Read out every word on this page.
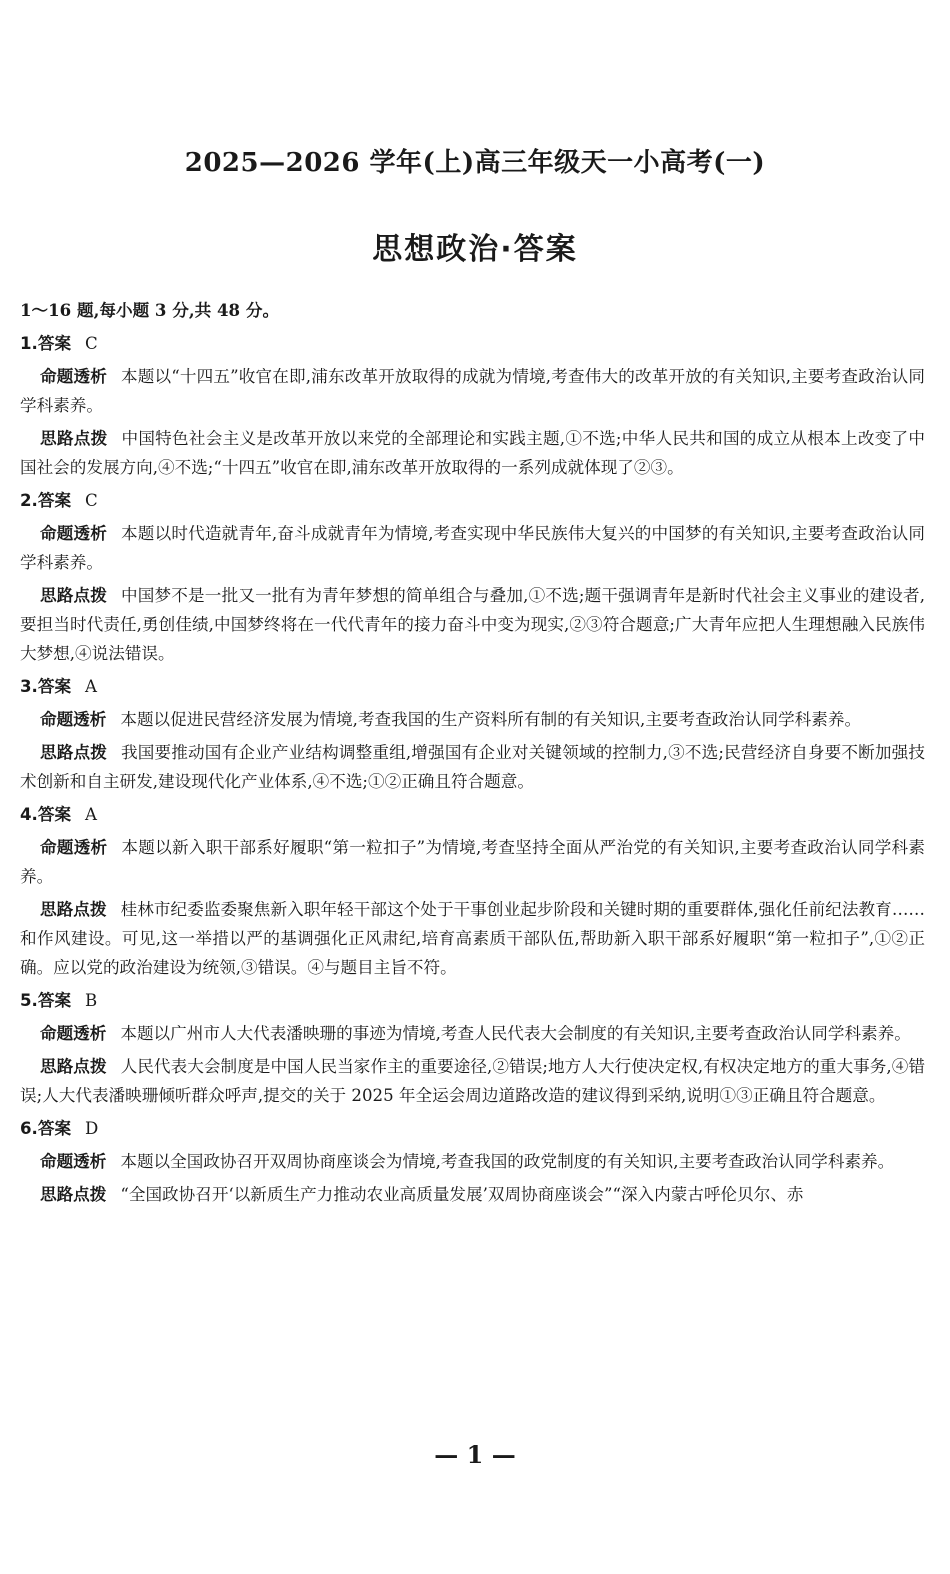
2025—2026 学年(上)高三年级天一小高考(一)
思想政治·答案
1～16 题,每小题 3 分,共 48 分。
1.答案 C

命题透析 本题以“十四五”收官在即,浦东改革开放取得的成就为情境,考查伟大的改革开放的有关知识,主要考查政治认同学科素养。

思路点拨 中国特色社会主义是改革开放以来党的全部理论和实践主题,①不选;中华人民共和国的成立从根本上改变了中国社会的发展方向,④不选;“十四五”收官在即,浦东改革开放取得的一系列成就体现了②③。

2.答案 C

命题透析 本题以时代造就青年,奋斗成就青年为情境,考查实现中华民族伟大复兴的中国梦的有关知识,主要考查政治认同学科素养。

思路点拨 中国梦不是一批又一批有为青年梦想的简单组合与叠加,①不选;题干强调青年是新时代社会主义事业的建设者,要担当时代责任,勇创佳绩,中国梦终将在一代代青年的接力奋斗中变为现实,②③符合题意;广大青年应把人生理想融入民族伟大梦想,④说法错误。

3.答案 A

命题透析 本题以促进民营经济发展为情境,考查我国的生产资料所有制的有关知识,主要考查政治认同学科素养。

思路点拨 我国要推动国有企业产业结构调整重组,增强国有企业对关键领域的控制力,③不选;民营经济自身要不断加强技术创新和自主研发,建设现代化产业体系,④不选;①②正确且符合题意。

4.答案 A

命题透析 本题以新入职干部系好履职“第一粒扣子”为情境,考查坚持全面从严治党的有关知识,主要考查政治认同学科素养。

思路点拨 桂林市纪委监委聚焦新入职年轻干部这个处于干事创业起步阶段和关键时期的重要群体,强化任前纪法教育……和作风建设。可见,这一举措以严的基调强化正风肃纪,培育高素质干部队伍,帮助新入职干部系好履职“第一粒扣子”,①②正确。应以党的政治建设为统领,③错误。④与题目主旨不符。

5.答案 B

命题透析 本题以广州市人大代表潘映珊的事迹为情境,考查人民代表大会制度的有关知识,主要考查政治认同学科素养。

思路点拨 人民代表大会制度是中国人民当家作主的重要途径,②错误;地方人大行使决定权,有权决定地方的重大事务,④错误;人大代表潘映珊倾听群众呼声,提交的关于 2025 年全运会周边道路改造的建议得到采纳,说明①③正确且符合题意。

6.答案 D

命题透析 本题以全国政协召开双周协商座谈会为情境,考查我国的政党制度的有关知识,主要考查政治认同学科素养。

思路点拨 “全国政协召开‘以新质生产力推动农业高质量发展’双周协商座谈会”“深入内蒙古呼伦贝尔、赤

— 1 —
